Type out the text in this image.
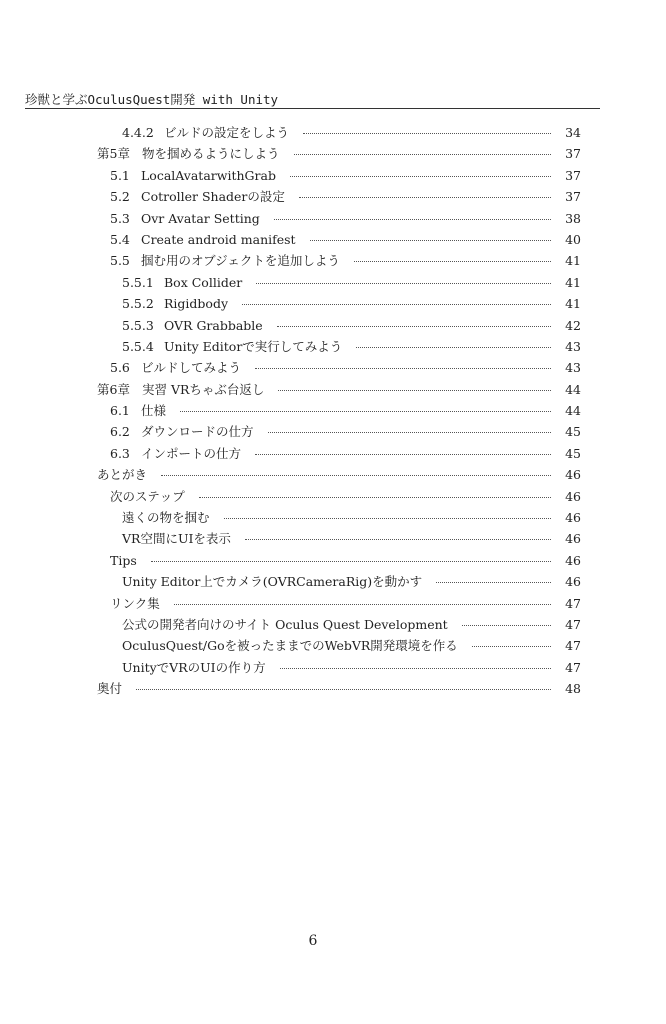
珍獣と学ぶOculusQuest開発 with Unity
4.4.2 ビルドの設定をしよう	34
第5章 物を掴めるようにしよう	37
5.1 LocalAvatarwithGrab	37
5.2 Cotroller Shaderの設定	37
5.3 Ovr Avatar Setting	38
5.4 Create android manifest	40
5.5 掴む用のオブジェクトを追加しよう	41
5.5.1 Box Collider	41
5.5.2 Rigidbody	41
5.5.3 OVR Grabbable	42
5.5.4 Unity Editorで実行してみよう	43
5.6 ビルドしてみよう	43
第6章 実習 VRちゃぶ台返し	44
6.1 仕様	44
6.2 ダウンロードの仕方	45
6.3 インポートの仕方	45
あとがき	46
次のステップ	46
遠くの物を掴む	46
VR空間にUIを表示	46
Tips	46
Unity Editor上でカメラ(OVRCameraRig)を動かす	46
リンク集	47
公式の開発者向けのサイト Oculus Quest Development	47
OculusQuest/Goを被ったままでのWebVR開発環境を作る	47
UnityでVRのUIの作り方	47
奥付	48
6
